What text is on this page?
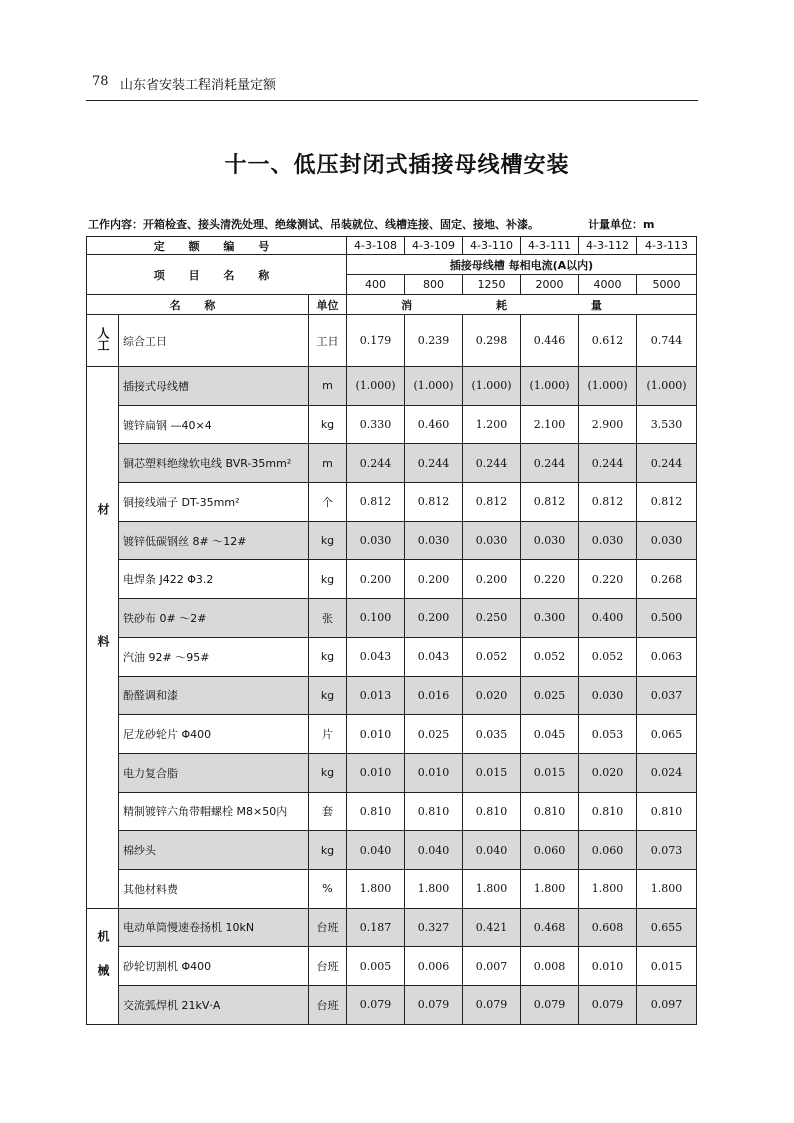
78 山东省安装工程消耗量定额
十一、低压封闭式插接母线槽安装
工作内容：开箱检查、接头清洗处理、绝缘测试、吊装就位、线槽连接、固定、接地、补漆。	计量单位：m
定 额 编 号			4-3-108	4-3-109	4-3-110	4-3-111	4-3-112	4-3-113
项 目 名 称			插接母线槽 每相电流(A以内)					
			400	800	1250	2000	4000	5000
名 称		单位	消 耗 量					
人工	综合工日	工日	0.179	0.239	0.298	0.446	0.612	0.744
材料	插接式母线槽	m	(1.000)	(1.000)	(1.000)	(1.000)	(1.000)	(1.000)
	镀锌扁钢 —40×4	kg	0.330	0.460	1.200	2.100	2.900	3.530
	铜芯塑料绝缘软电线 BVR-35mm²	m	0.244	0.244	0.244	0.244	0.244	0.244
	铜接线端子 DT-35mm²	个	0.812	0.812	0.812	0.812	0.812	0.812
	镀锌低碳钢丝 8# ～12#	kg	0.030	0.030	0.030	0.030	0.030	0.030
	电焊条 J422 Φ3.2	kg	0.200	0.200	0.200	0.220	0.220	0.268
	铁砂布 0# ～2#	张	0.100	0.200	0.250	0.300	0.400	0.500
	汽油 92# ～95#	kg	0.043	0.043	0.052	0.052	0.052	0.063
	酚醛调和漆	kg	0.013	0.016	0.020	0.025	0.030	0.037
	尼龙砂轮片 Φ400	片	0.010	0.025	0.035	0.045	0.053	0.065
	电力复合脂	kg	0.010	0.010	0.015	0.015	0.020	0.024
	精制镀锌六角带帽螺栓 M8×50内	套	0.810	0.810	0.810	0.810	0.810	0.810
	棉纱头	kg	0.040	0.040	0.040	0.060	0.060	0.073
	其他材料费	%	1.800	1.800	1.800	1.800	1.800	1.800
机械	电动单筒慢速卷扬机 10kN	台班	0.187	0.327	0.421	0.468	0.608	0.655
	砂轮切割机 Φ400	台班	0.005	0.006	0.007	0.008	0.010	0.015
	交流弧焊机 21kV·A	台班	0.079	0.079	0.079	0.079	0.079	0.097
